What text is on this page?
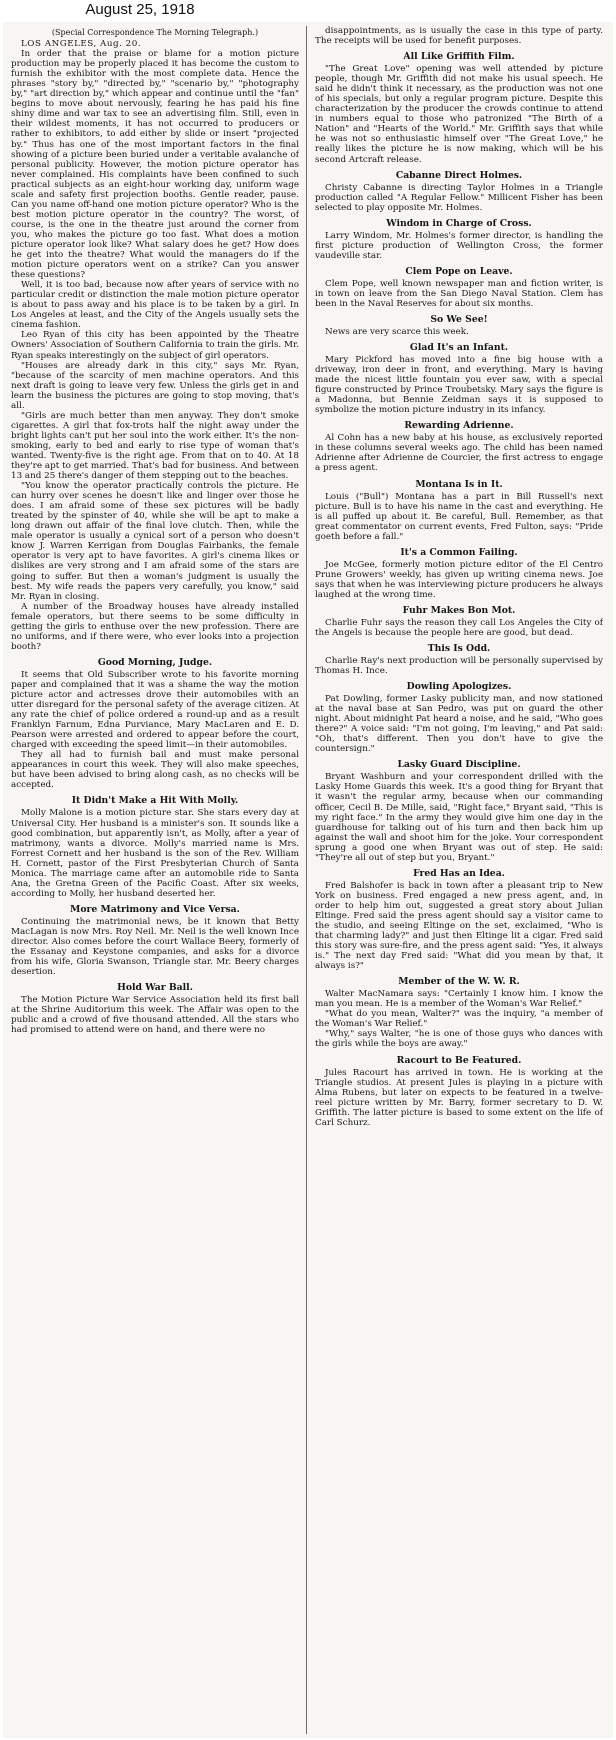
August 25, 1918

(Special Correspondence The Morning Telegraph.)

LOS ANGELES, Aug. 20.

In order that the praise or blame for a motion picture production may be properly placed it has become the custom to furnish the exhibitor with the most complete data. Hence the phrases "story by," "directed by," "scenario by," "photography by," "art direction by," which appear and continue until the "fan" begins to move about nervously, fearing he has paid his fine shiny dime and war tax to see an advertising film. Still, even in their wildest moments, it has not occurred to producers or rather to exhibitors, to add either by slide or insert "projected by." Thus has one of the most important factors in the final showing of a picture been buried under a veritable avalanche of personal publicity. However, the motion picture operator has never complained. His complaints have been confined to such practical subjects as an eight-hour working day, uniform wage scale and safety first projection booths. Gentle reader, pause. Can you name off-hand one motion picture operator? Who is the best motion picture operator in the country? The worst, of course, is the one in the theatre just around the corner from you, who makes the picture go too fast. What does a motion picture operator look like? What salary does he get? How does he get into the theatre? What would the managers do if the motion picture operators went on a strike? Can you answer these questions?

Well, it is too bad, because now after years of service with no particular credit or distinction the male motion picture operator is about to pass away and his place is to be taken by a girl. In Los Angeles at least, and the City of the Angels usually sets the cinema fashion.

Leo Ryan of this city has been appointed by the Theatre Owners' Association of Southern California to train the girls. Mr. Ryan speaks interestingly on the subject of girl operators.

"Houses are already dark in this city," says Mr. Ryan, "because of the scarcity of men machine operators. And this next draft is going to leave very few. Unless the girls get in and learn the business the pictures are going to stop moving, that's all.

"Girls are much better than men anyway. They don't smoke cigarettes. A girl that fox-trots half the night away under the bright lights can't put her soul into the work either. It's the non-smoking, early to bed and early to rise type of woman that's wanted. Twenty-five is the right age. From that on to 40. At 18 they're apt to get married. That's bad for business. And between 13 and 25 there's danger of them stepping out to the beaches.

"You know the operator practically controls the picture. He can hurry over scenes he doesn't like and linger over those he does. I am afraid some of these sex pictures will be badly treated by the spinster of 40, while she will be apt to make a long drawn out affair of the final love clutch. Then, while the male operator is usually a cynical sort of a person who doesn't know J. Warren Kerrigan from Douglas Fairbanks, the female operator is very apt to have favorites. A girl's cinema likes or dislikes are very strong and I am afraid some of the stars are going to suffer. But then a woman's judgment is usually the best. My wife reads the papers very carefully, you know," said Mr. Ryan in closing.

A number of the Broadway houses have already installed female operators, but there seems to be some difficulty in getting the girls to enthuse over the new profession. There are no uniforms, and if there were, who ever looks into a projection booth?

Good Morning, Judge.

It seems that Old Subscriber wrote to his favorite morning paper and complained that it was a shame the way the motion picture actor and actresses drove their automobiles with an utter disregard for the personal safety of the average citizen. At any rate the chief of police ordered a round-up and as a result Franklyn Farnum, Edna Purviance, Mary MacLaren and E. D. Pearson were arrested and ordered to appear before the court, charged with exceeding the speed limit—in their automobiles.

They all had to furnish bail and must make personal appearances in court this week. They will also make speeches, but have been advised to bring along cash, as no checks will be accepted.

It Didn't Make a Hit With Molly.

Molly Malone is a motion picture star. She stars every day at Universal City. Her husband is a minister's son. It sounds like a good combination, but apparently isn't, as Molly, after a year of matrimony, wants a divorce. Molly's married name is Mrs. Forrest Cornett and her husband is the son of the Rev. William H. Cornett, pastor of the First Presbyterian Church of Santa Monica. The marriage came after an automobile ride to Santa Ana, the Gretna Green of the Pacific Coast. After six weeks, according to Molly, her husband deserted her.

More Matrimony and Vice Versa.

Continuing the matrimonial news, be it known that Betty MacLagan is now Mrs. Roy Neil. Mr. Neil is the well known Ince director. Also comes before the court Wallace Beery, formerly of the Essanay and Keystone companies, and asks for a divorce from his wife, Gloria Swanson, Triangle star. Mr. Beery charges desertion.

Hold War Ball.

The Motion Picture War Service Association held its first ball at the Shrine Auditorium this week. The Affair was open to the public and a crowd of five thousand attended. All the stars who had promised to attend were on hand, and there were no

disappointments, as is usually the case in this type of party. The receipts will be used for benefit purposes.

All Like Griffith Film.

"The Great Love" opening was well attended by picture people, though Mr. Griffith did not make his usual speech. He said he didn't think it necessary, as the production was not one of his specials, but only a regular program picture. Despite this characterization by the producer the crowds continue to attend in numbers equal to those who patronized "The Birth of a Nation" and "Hearts of the World." Mr. Griffith says that while he was not so enthusiastic himself over "The Great Love," he really likes the picture he is now making, which will be his second Artcraft release.

Cabanne Direct Holmes.

Christy Cabanne is directing Taylor Holmes in a Triangle production called "A Regular Fellow." Millicent Fisher has been selected to play opposite Mr. Holmes.

Windom in Charge of Cross.

Larry Windom, Mr. Holmes's former director, is handling the first picture production of Wellington Cross, the former vaudeville star.

Clem Pope on Leave.

Clem Pope, well known newspaper man and fiction writer, is in town on leave from the San Diego Naval Station. Clem has been in the Naval Reserves for about six months.

So We See!

News are very scarce this week.

Glad It's an Infant.

Mary Pickford has moved into a fine big house with a driveway, iron deer in front, and everything. Mary is having made the nicest little fountain you ever saw, with a special figure constructed by Prince Troubetsky. Mary says the figure is a Madonna, but Bennie Zeidman says it is supposed to symbolize the motion picture industry in its infancy.

Rewarding Adrienne.

Al Cohn has a new baby at his house, as exclusively reported in these columns several weeks ago. The child has been named Adrienne after Adrienne de Courcier, the first actress to engage a press agent.

Montana Is in It.

Louis ("Bull") Montana has a part in Bill Russell's next picture. Bull is to have his name in the cast and everything. He is all puffed up about it. Be careful, Bull. Remember, as that great commentator on current events, Fred Fulton, says: "Pride goeth before a fall."

It's a Common Failing.

Joe McGee, formerly motion picture editor of the El Centro Prune Growers' weekly, has given up writing cinema news. Joe says that when he was interviewing picture producers he always laughed at the wrong time.

Fuhr Makes Bon Mot.

Charlie Fuhr says the reason they call Los Angeles the City of the Angels is because the people here are good, but dead.

This Is Odd.

Charlie Ray's next production will be personally supervised by Thomas H. Ince.

Dowling Apologizes.

Pat Dowling, former Lasky publicity man, and now stationed at the naval base at San Pedro, was put on guard the other night. About midnight Pat heard a noise, and he said, "Who goes there?" A voice said: "I'm not going, I'm leaving," and Pat said: "Oh, that's different. Then you don't have to give the countersign."

Lasky Guard Discipline.

Bryant Washburn and your correspondent drilled with the Lasky Home Guards this week. It's a good thing for Bryant that it wasn't the regular army, because when our commanding officer, Cecil B. De Mille, said, "Right face," Bryant said, "This is my right face." In the army they would give him one day in the guardhouse for talking out of his turn and then back him up against the wall and shoot him for the joke. Your correspondent sprung a good one when Bryant was out of step. He said: "They're all out of step but you, Bryant."

Fred Has an Idea.

Fred Balshofer is back in town after a pleasant trip to New York on business. Fred engaged a new press agent, and, in order to help him out, suggested a great story about Julian Eltinge. Fred said the press agent should say a visitor came to the studio, and seeing Eltinge on the set, exclaimed, "Who is that charming lady?" and just then Eltinge lit a cigar. Fred said this story was sure-fire, and the press agent said: "Yes, it always is." The next day Fred said: "What did you mean by that, it always is?"

Member of the W. W. R.

Walter MacNamara says: "Certainly I know him. I know the man you mean. He is a member of the Woman's War Relief."

"What do you mean, Walter?" was the inquiry, "a member of the Woman's War Relief."

"Why," says Walter, "he is one of those guys who dances with the girls while the boys are away."

Racourt to Be Featured.

Jules Racourt has arrived in town. He is working at the Triangle studios. At present Jules is playing in a picture with Alma Rubens, but later on expects to be featured in a twelve-reel picture written by Mr. Barry, former secretary to D. W. Griffith. The latter picture is based to some extent on the life of Carl Schurz.
